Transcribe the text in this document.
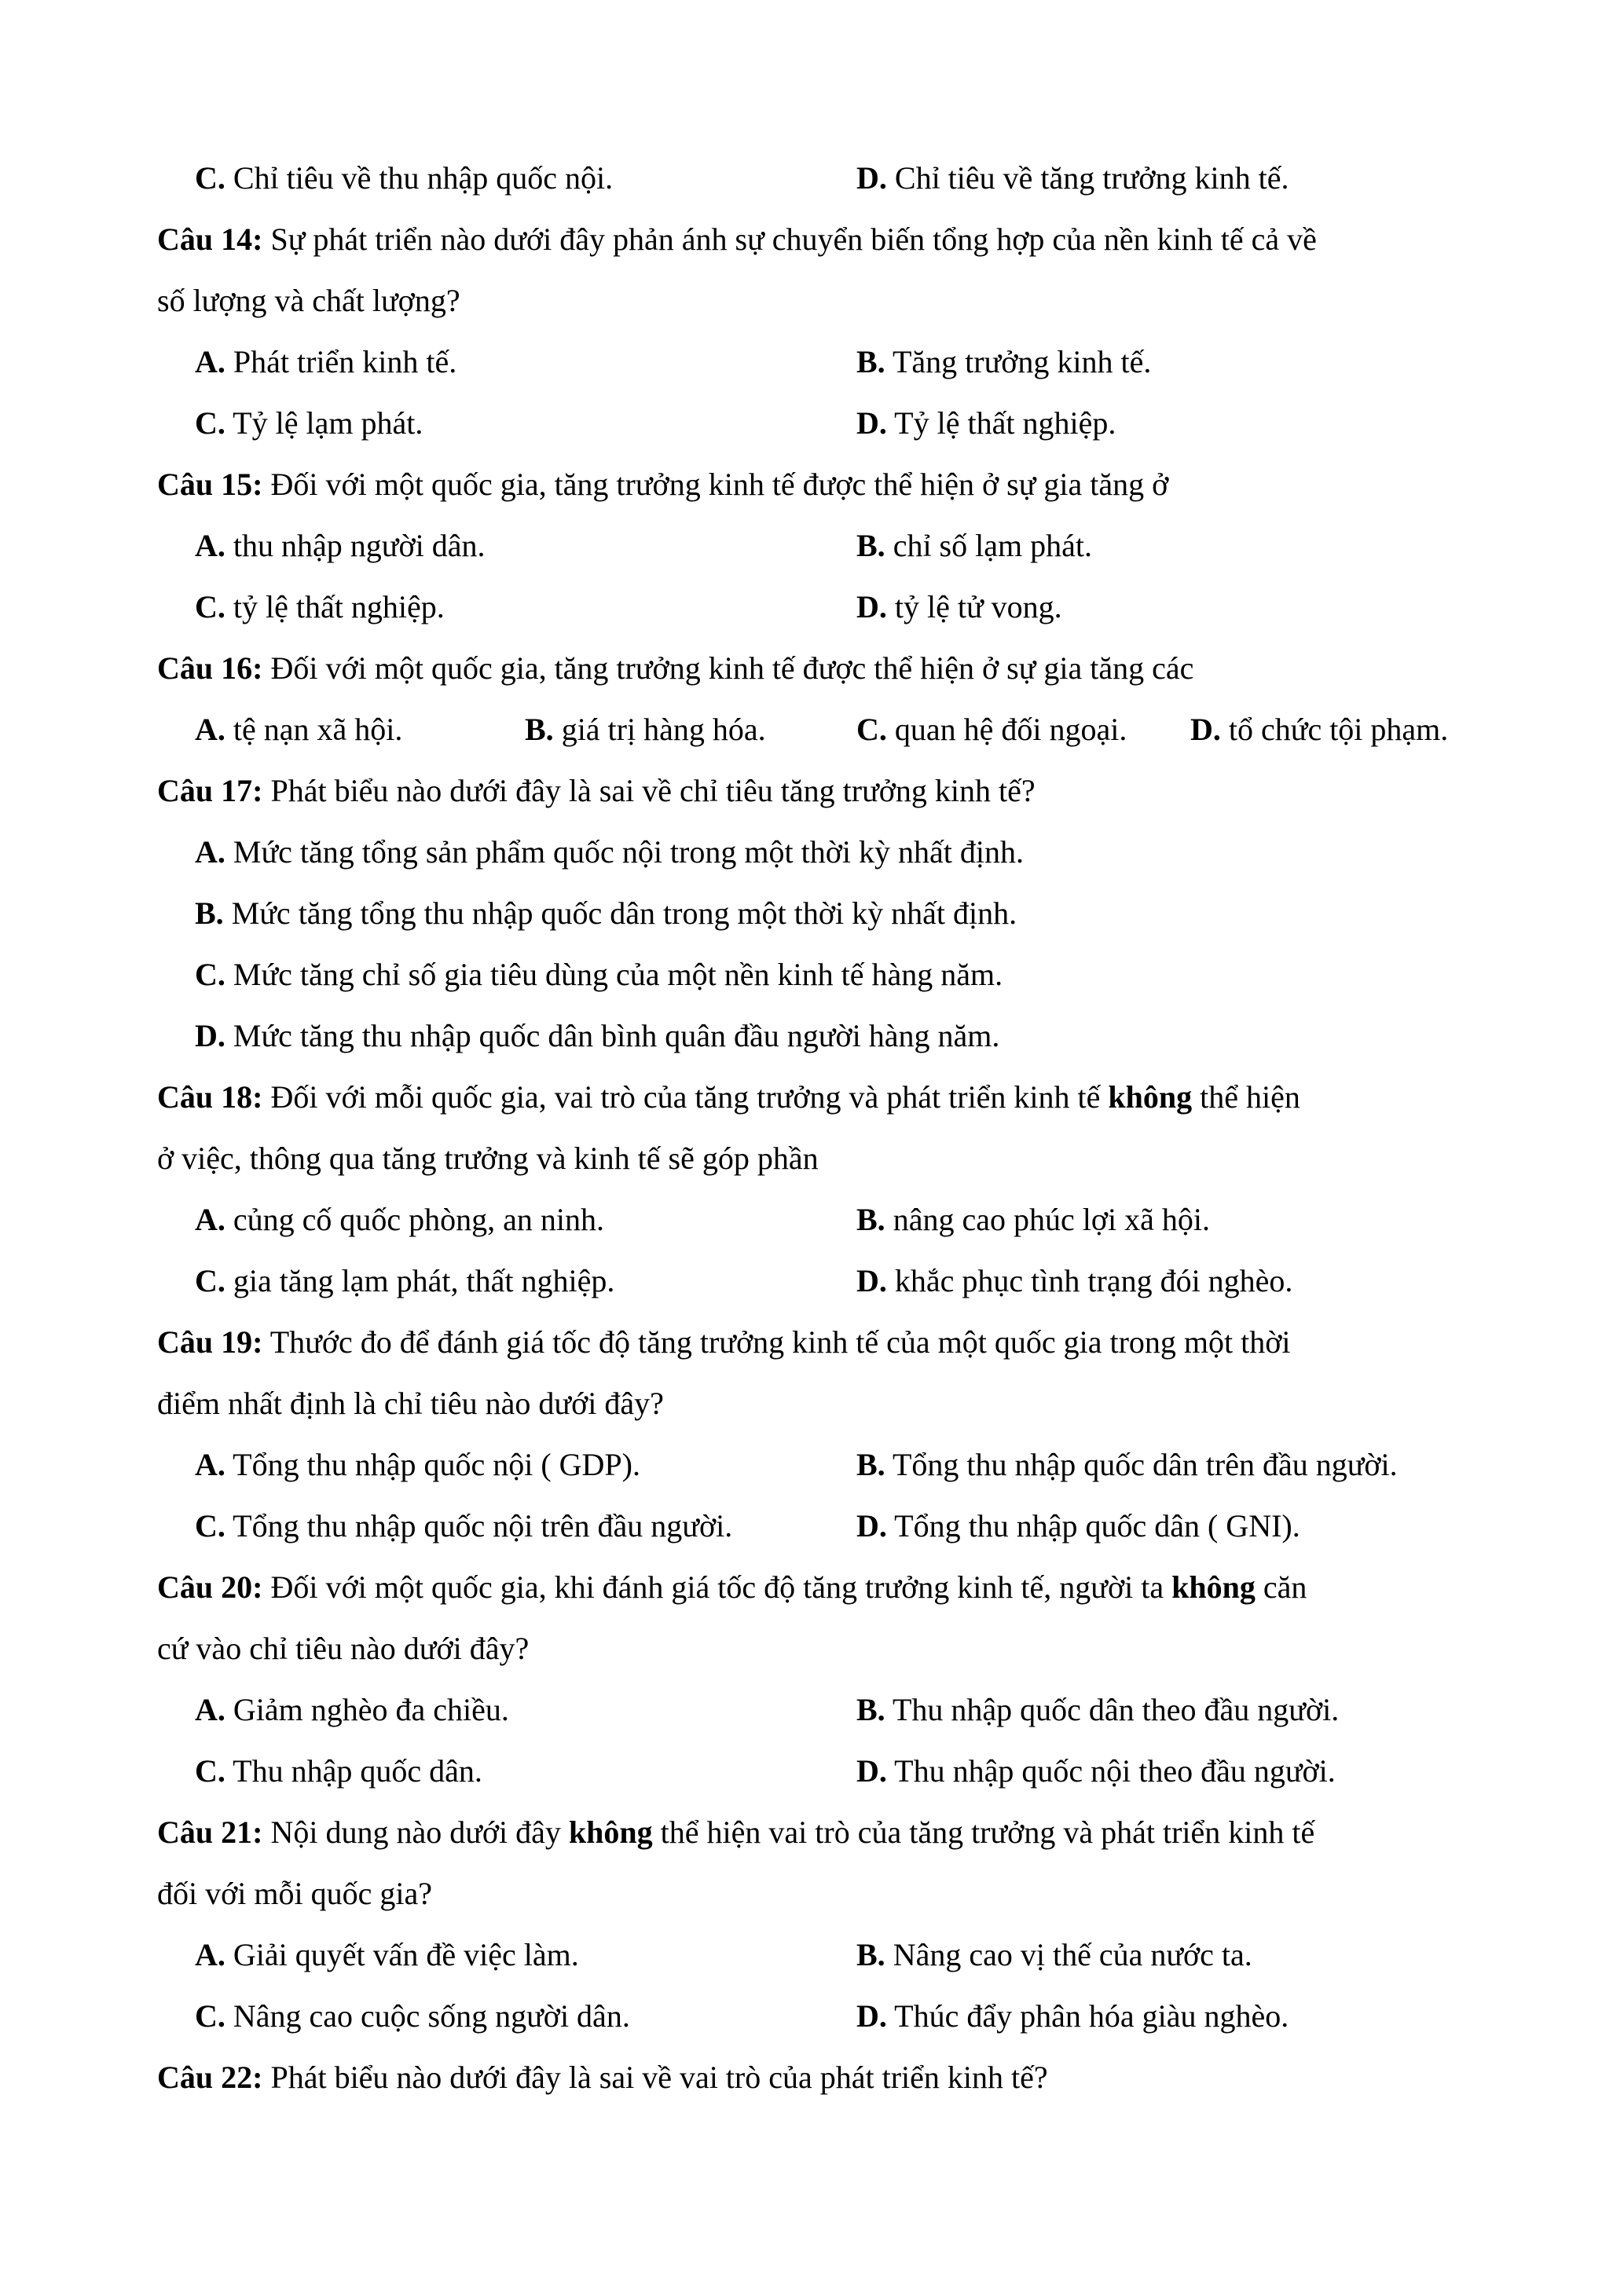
C. Chỉ tiêu về thu nhập quốc nội.	D. Chỉ tiêu về tăng trưởng kinh tế.
Câu 14: Sự phát triển nào dưới đây phản ánh sự chuyển biến tổng hợp của nền kinh tế cả về
số lượng và chất lượng?
A. Phát triển kinh tế.	B. Tăng trưởng kinh tế.
C. Tỷ lệ lạm phát.	D. Tỷ lệ thất nghiệp.
Câu 15: Đối với một quốc gia, tăng trưởng kinh tế được thể hiện ở sự gia tăng ở
A. thu nhập người dân.	B. chỉ số lạm phát.
C. tỷ lệ thất nghiệp.	D. tỷ lệ tử vong.
Câu 16: Đối với một quốc gia, tăng trưởng kinh tế được thể hiện ở sự gia tăng các
A. tệ nạn xã hội.	B. giá trị hàng hóa.	C. quan hệ đối ngoại. D. tổ chức tội phạm.
Câu 17: Phát biểu nào dưới đây là sai về chỉ tiêu tăng trưởng kinh tế?
A. Mức tăng tổng sản phẩm quốc nội trong một thời kỳ nhất định.
B. Mức tăng tổng thu nhập quốc dân trong một thời kỳ nhất định.
C. Mức tăng chỉ số gia tiêu dùng của một nền kinh tế hàng năm.
D. Mức tăng thu nhập quốc dân bình quân đầu người hàng năm.
Câu 18: Đối với mỗi quốc gia, vai trò của tăng trưởng và phát triển kinh tế không thể hiện
ở việc, thông qua tăng trưởng và kinh tế sẽ góp phần
A. củng cố quốc phòng, an ninh.	B. nâng cao phúc lợi xã hội.
C. gia tăng lạm phát, thất nghiệp.	D. khắc phục tình trạng đói nghèo.
Câu 19: Thước đo để đánh giá tốc độ tăng trưởng kinh tế của một quốc gia trong một thời
điểm nhất định là chỉ tiêu nào dưới đây?
A. Tổng thu nhập quốc nội ( GDP).	B. Tổng thu nhập quốc dân trên đầu người.
C. Tổng thu nhập quốc nội trên đầu người.	D. Tổng thu nhập quốc dân ( GNI).
Câu 20: Đối với một quốc gia, khi đánh giá tốc độ tăng trưởng kinh tế, người ta không căn
cứ vào chỉ tiêu nào dưới đây?
A. Giảm nghèo đa chiều.	B. Thu nhập quốc dân theo đầu người.
C. Thu nhập quốc dân.	D. Thu nhập quốc nội theo đầu người.
Câu 21: Nội dung nào dưới đây không thể hiện vai trò của tăng trưởng và phát triển kinh tế
đối với mỗi quốc gia?
A. Giải quyết vấn đề việc làm.	B. Nâng cao vị thế của nước ta.
C. Nâng cao cuộc sống người dân.	D. Thúc đẩy phân hóa giàu nghèo.
Câu 22: Phát biểu nào dưới đây là sai về vai trò của phát triển kinh tế?
